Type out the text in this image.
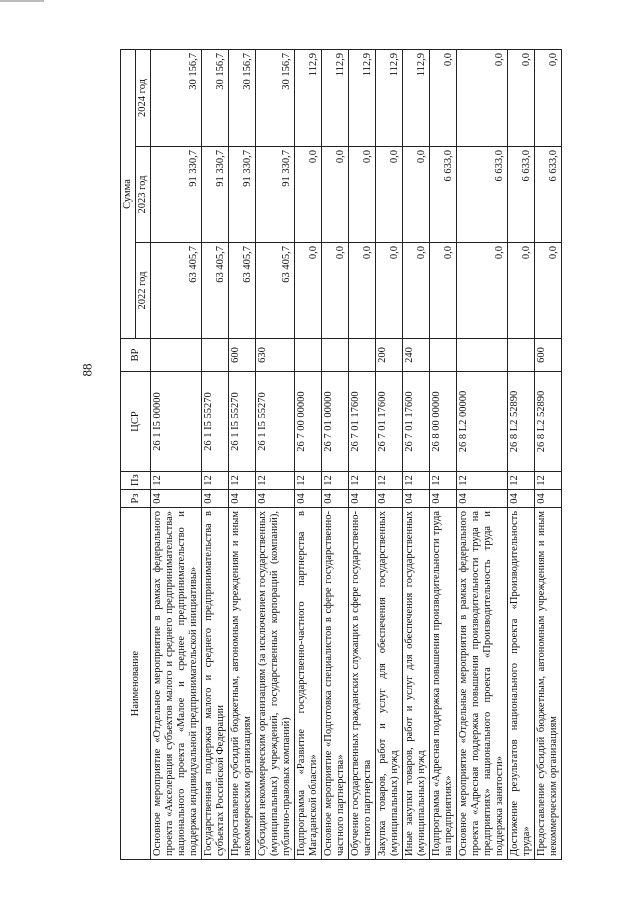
88
Наименование	Рз	Пз	ЦСР	ВР	Сумма		
					2022 год	2023 год	2024 год
Основное мероприятие «Отдельное мероприятие в рамках федерального проекта «Акселерация субъектов малого и среднего предпринимательства» национального проекта «Малое и среднее предпринимательство и поддержка индивидуальной предпринимательской инициативы»	04	12	26 1 I5 00000		63 405,7	91 330,7	30 156,7
Государственная поддержка малого и среднего предпринимательства в субъектах Российской Федерации	04	12	26 1 I5 55270		63 405,7	91 330,7	30 156,7
Предоставление субсидий бюджетным, автономным учреждениям и иным некоммерческим организациям	04	12	26 1 I5 55270	600	63 405,7	91 330,7	30 156,7
Субсидии некоммерческим организациям (за исключением государственных (муниципальных) учреждений, государственных корпораций (компаний), публично-правовых компаний)	04	12	26 1 I5 55270	630	63 405,7	91 330,7	30 156,7
Подпрограмма «Развитие государственно-частного партнерства в Магаданской области»	04	12	26 7 00 00000		0,0	0,0	112,9
Основное мероприятие «Подготовка специалистов в сфере государственно-частного партнерства»	04	12	26 7 01 00000		0,0	0,0	112,9
Обучение государственных гражданских служащих в сфере государственно-частного партнерства	04	12	26 7 01 17600		0,0	0,0	112,9
Закупка товаров, работ и услуг для обеспечения государственных (муниципальных) нужд	04	12	26 7 01 17600	200	0,0	0,0	112,9
Иные закупки товаров, работ и услуг для обеспечения государственных (муниципальных) нужд	04	12	26 7 01 17600	240	0,0	0,0	112,9
Подпрограмма «Адресная поддержка повышения производительности труда на предприятиях»	04	12	26 8 00 00000		0,0	6 633,0	0,0
Основное мероприятие «Отдельные мероприятия в рамках федерального проекта «Адресная поддержка повышения производительности труда на предприятиях» национального проекта «Производительность труда и поддержка занятости»	04	12	26 8 L2 00000		0,0	6 633,0	0,0
Достижение результатов национального проекта «Производительность труда»	04	12	26 8 L2 52890		0,0	6 633,0	0,0
Предоставление субсидий бюджетным, автономным учреждениям и иным некоммерческим организациям	04	12	26 8 L2 52890	600	0,0	6 633,0	0,0
